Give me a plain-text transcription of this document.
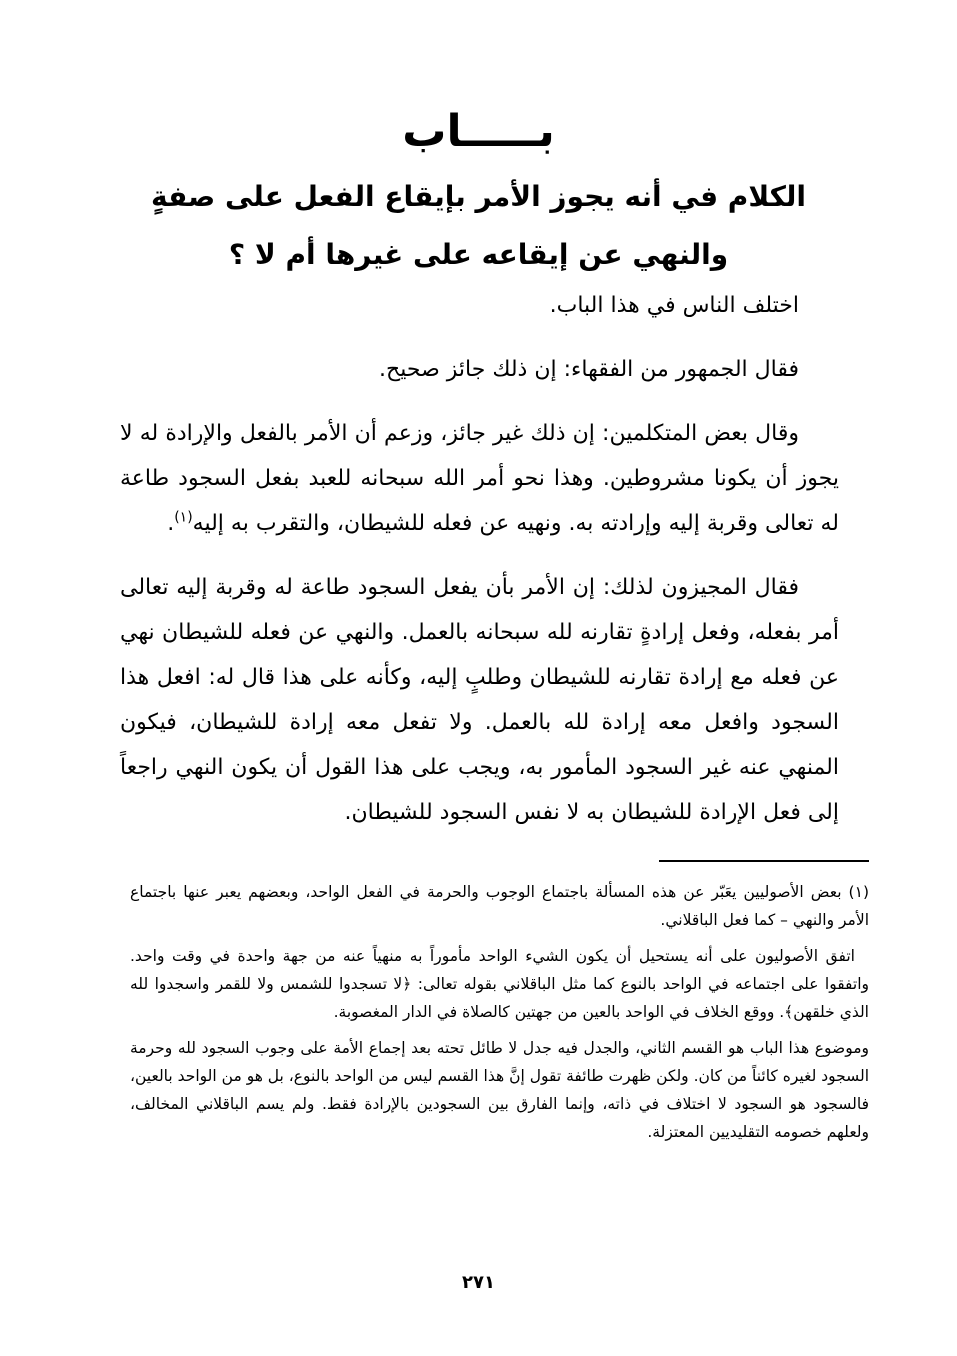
بـــــاب
الكلام في أنه يجوز الأمر بإيقاع الفعل على صفةٍ
والنهي عن إيقاعه على غيرها أم لا ؟

اختلف الناس في هذا الباب.

فقال الجمهور من الفقهاء: إن ذلك جائز صحيح.

وقال بعض المتكلمين: إن ذلك غير جائز، وزعم أن الأمر بالفعل والإرادة له لا يجوز أن يكونا مشروطين. وهذا نحو أمر الله سبحانه للعبد بفعل السجود طاعة له تعالى وقربة إليه وإرادته به. ونهيه عن فعله للشيطان، والتقرب به إليه$^{(١)}$.

فقال المجيزون لذلك: إن الأمر بأن يفعل السجود طاعة له وقربة إليه تعالى أمر بفعله، وفعل إرادةٍ تقارنه لله سبحانه بالعمل. والنهي عن فعله للشيطان نهي عن فعله مع إرادة تقارنه للشيطان وطلبٍ إليه، وكأنه على هذا قال له: افعل هذا السجود وافعل معه إرادة لله بالعمل. ولا تفعل معه إرادة للشيطان، فيكون المنهي عنه غير السجود المأمور به، ويجب على هذا القول أن يكون النهي راجعاً إلى فعل الإرادة للشيطان به لا نفس السجود للشيطان.

(١) بعض الأصوليين يعَبّر عن هذه المسألة باجتماع الوجوب والحرمة في الفعل الواحد، وبعضهم يعبر عنها باجتماع الأمر والنهي – كما فعل الباقلاني.

اتفق الأصوليون على أنه يستحيل أن يكون الشيء الواحد مأموراً به منهياً عنه من جهة واحدة في وقت واحد. واتفقوا على اجتماعه في الواحد بالنوع كما مثل الباقلاني بقوله تعالى: ﴿لا تسجدوا للشمس ولا للقمر واسجدوا لله الذي خلقهن﴾. ووقع الخلاف في الواحد بالعين من جهتين كالصلاة في الدار المغصوبة.

وموضوع هذا الباب هو القسم الثاني، والجدل فيه جدل لا طائل تحته بعد إجماع الأمة على وجوب السجود لله وحرمة السجود لغيره كائناً من كان. ولكن ظهرت طائفة تقول إنَّ هذا القسم ليس من الواحد بالنوع، بل هو من الواحد بالعين، فالسجود هو السجود لا اختلاف في ذاته، وإنما الفارق بين السجودين بالإرادة فقط. ولم يسم الباقلاني المخالف، ولعلهم خصومه التقليديين المعتزلة.

٢٧١
